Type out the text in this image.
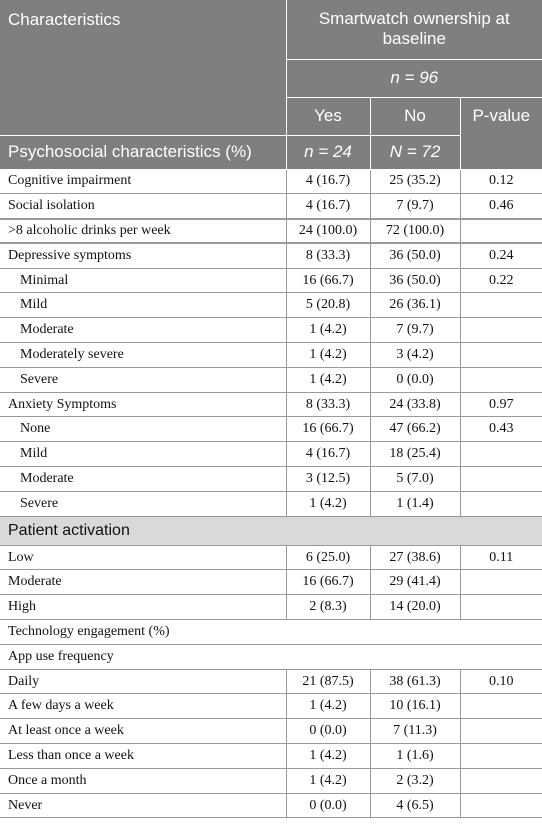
Characteristics	Smartwatch ownership at baseline		
	n = 96		
	Yes	No	P-value
Psychosocial characteristics (%)	n = 24	N = 72	
Cognitive impairment	4 (16.7)	25 (35.2)	0.12
Social isolation	4 (16.7)	7 (9.7)	0.46
>8 alcoholic drinks per week	24 (100.0)	72 (100.0)	
Depressive symptoms	8 (33.3)	36 (50.0)	0.24
Minimal	16 (66.7)	36 (50.0)	0.22
Mild	5 (20.8)	26 (36.1)	
Moderate	1 (4.2)	7 (9.7)	
Moderately severe	1 (4.2)	3 (4.2)	
Severe	1 (4.2)	0 (0.0)	
Anxiety Symptoms	8 (33.3)	24 (33.8)	0.97
None	16 (66.7)	47 (66.2)	0.43
Mild	4 (16.7)	18 (25.4)	
Moderate	3 (12.5)	5 (7.0)	
Severe	1 (4.2)	1 (1.4)	
Patient activation			
Low	6 (25.0)	27 (38.6)	0.11
Moderate	16 (66.7)	29 (41.4)	
High	2 (8.3)	14 (20.0)	
Technology engagement (%)			
App use frequency			
Daily	21 (87.5)	38 (61.3)	0.10
A few days a week	1 (4.2)	10 (16.1)	
At least once a week	0 (0.0)	7 (11.3)	
Less than once a week	1 (4.2)	1 (1.6)	
Once a month	1 (4.2)	2 (3.2)	
Never	0 (0.0)	4 (6.5)	
